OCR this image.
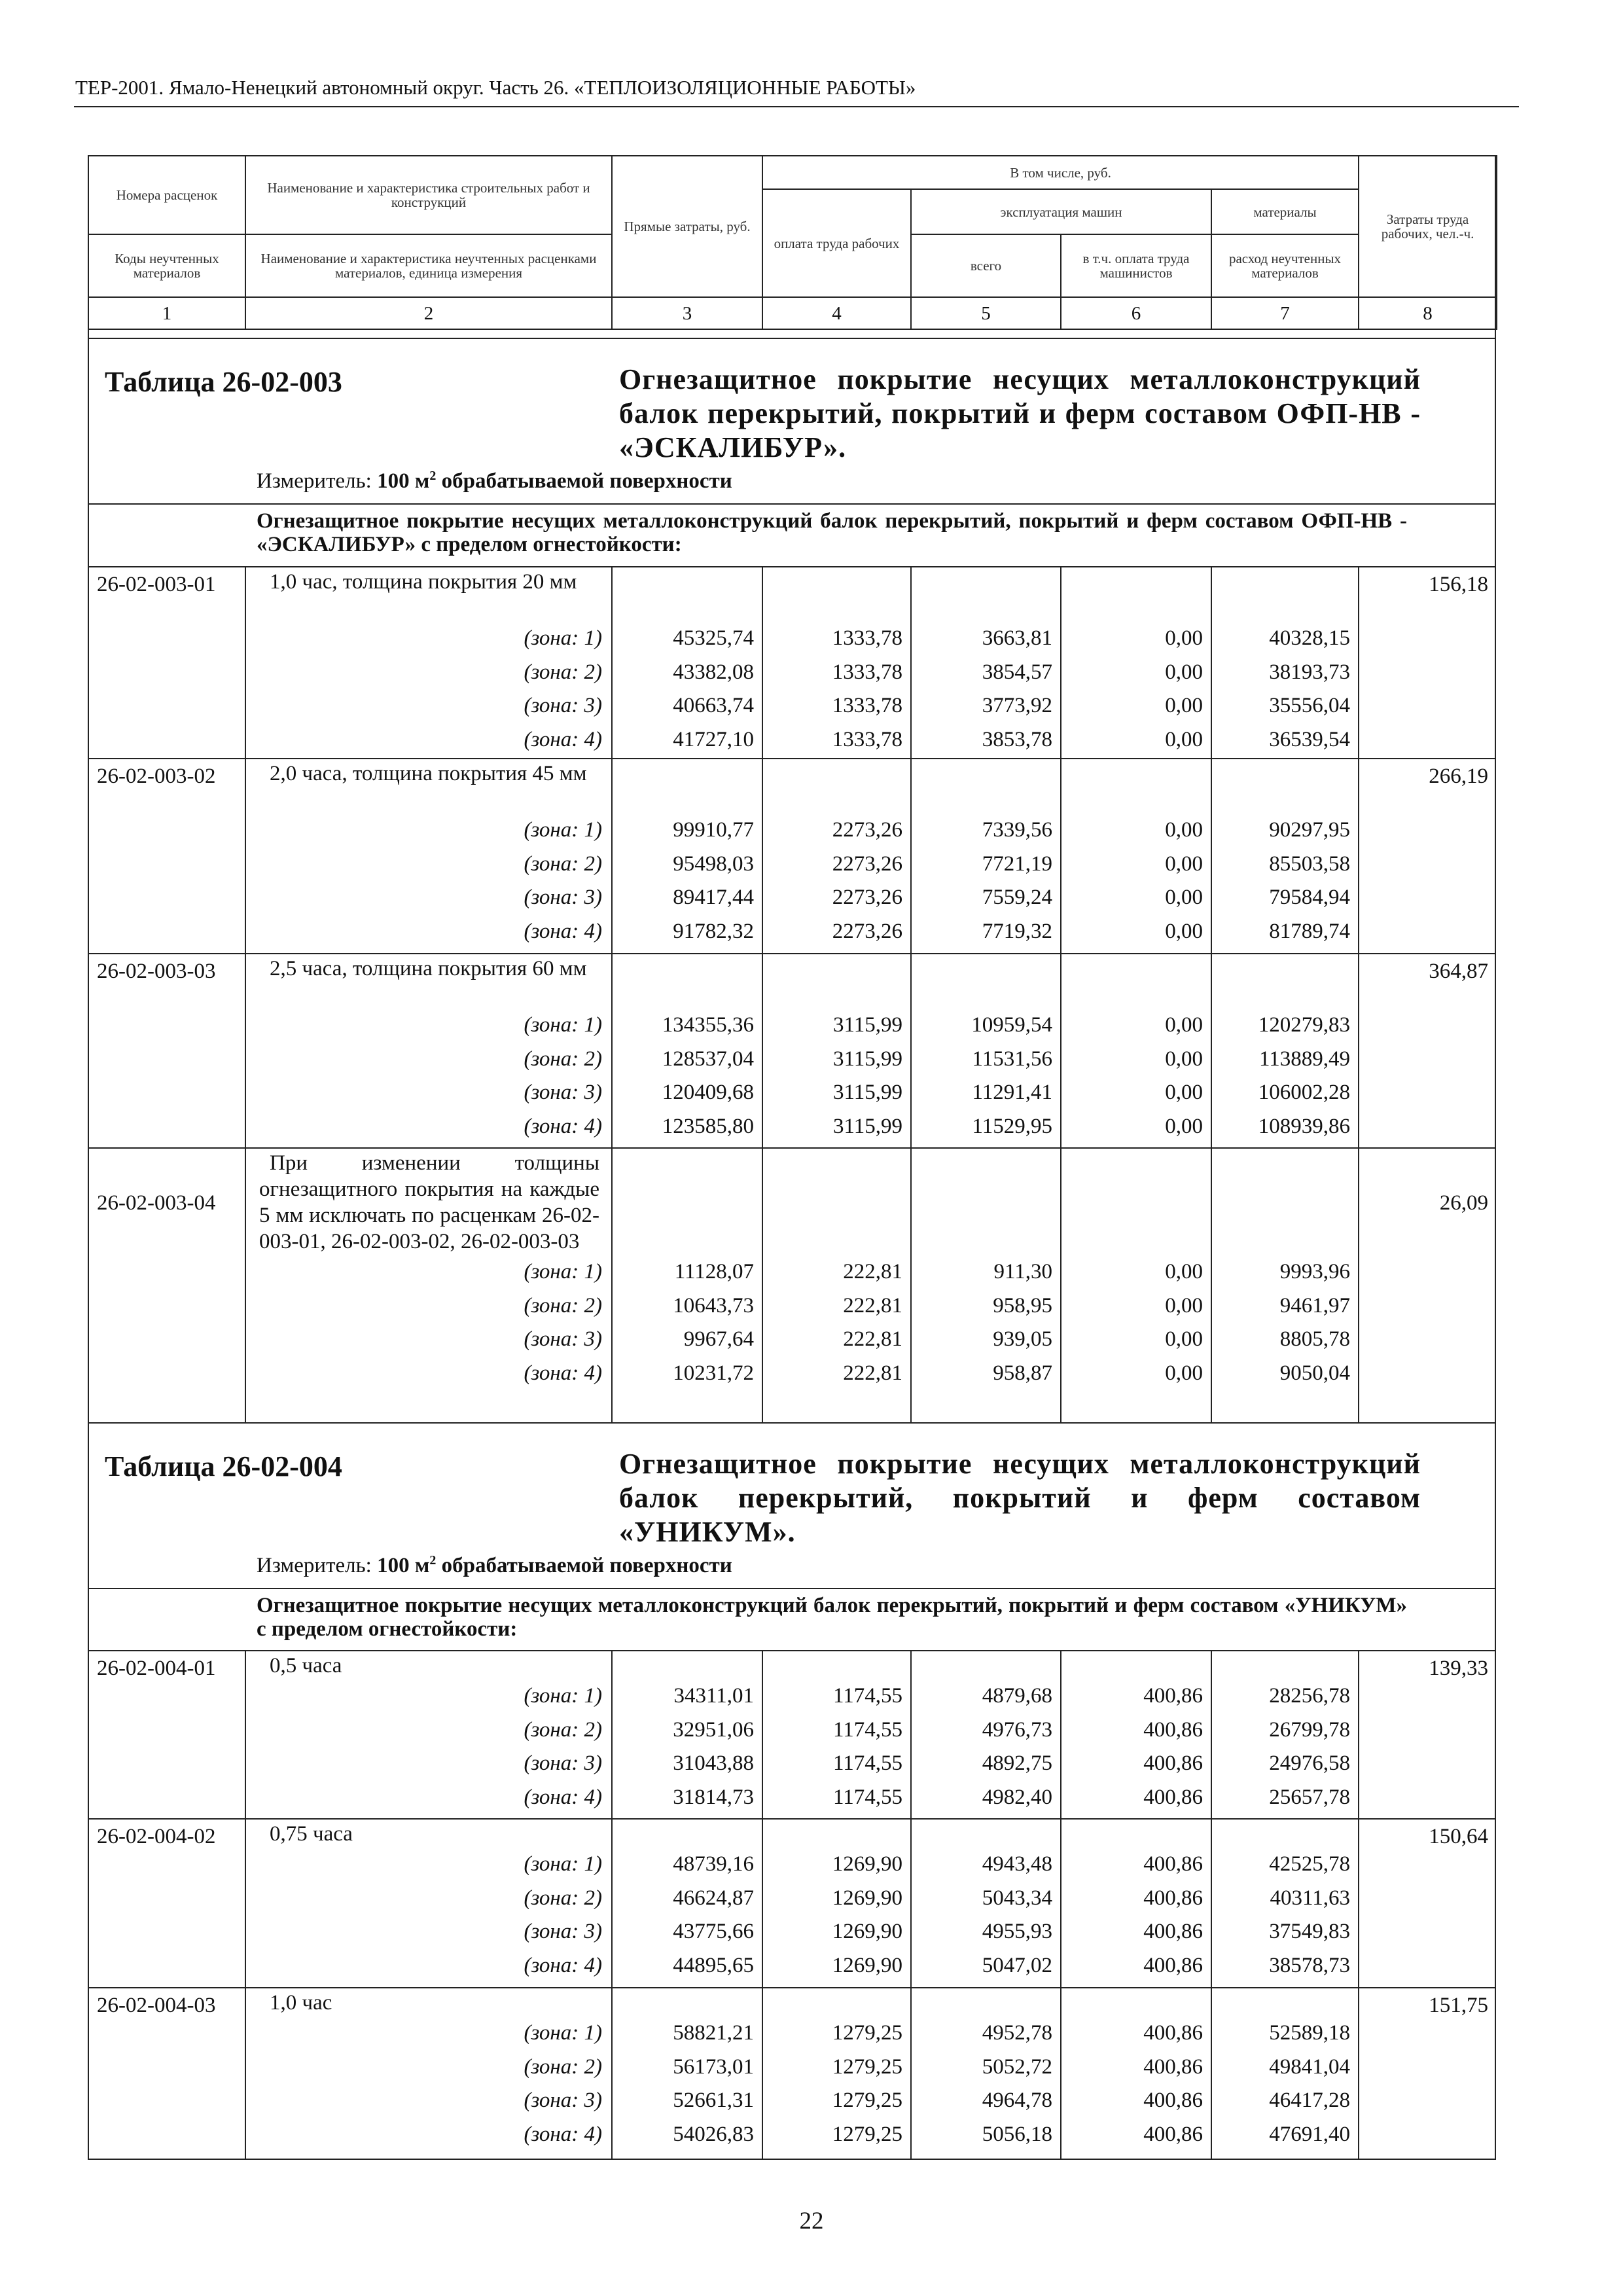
ТЕР-2001. Ямало-Ненецкий автономный округ. Часть 26. «ТЕПЛОИЗОЛЯЦИОННЫЕ РАБОТЫ»
Номера расценок	Наименование и характеристика строительных работ и конструкций	Прямые затраты, руб.	В том числе, руб.				Затраты труда рабочих, чел.-ч.
			оплата труда рабочих	эксплуатация машин		материалы	
Коды неучтенных материалов	Наименование и характеристика неучтенных расценками материалов, единица измерения			всего	в т.ч. оплата труда машинистов	расход неучтенных материалов	
1	2	3	4	5	6	7	8
Таблица 26-02-003	Огнезащитное покрытие несущих металлоконструкций балок перекрытий, покрытий и ферм составом ОФП-НВ - «ЭСКАЛИБУР».
Измеритель: 100 $м^2$ обрабатываемой поверхности
Огнезащитное покрытие несущих металлоконструкций балок перекрытий, покрытий и ферм составом ОФП-НВ - «ЭСКАЛИБУР» с пределом огнестойкости:
26-02-003-01	1,0 час, толщина покрытия 20 мм	156,18
(зона: 1)	45325,74	1333,78	3663,81	0,00	40328,15
(зона: 2)	43382,08	1333,78	3854,57	0,00	38193,73
(зона: 3)	40663,74	1333,78	3773,92	0,00	35556,04
(зона: 4)	41727,10	1333,78	3853,78	0,00	36539,54
26-02-003-02	2,0 часа, толщина покрытия 45 мм	266,19
(зона: 1)	99910,77	2273,26	7339,56	0,00	90297,95
(зона: 2)	95498,03	2273,26	7721,19	0,00	85503,58
(зона: 3)	89417,44	2273,26	7559,24	0,00	79584,94
(зона: 4)	91782,32	2273,26	7719,32	0,00	81789,74
26-02-003-03	2,5 часа, толщина покрытия 60 мм	364,87
(зона: 1)	134355,36	3115,99	10959,54	0,00	120279,83
(зона: 2)	128537,04	3115,99	11531,56	0,00	113889,49
(зона: 3)	120409,68	3115,99	11291,41	0,00	106002,28
(зона: 4)	123585,80	3115,99	11529,95	0,00	108939,86
26-02-003-04
При изменении толщины огнезащитного покрытия на каждые 5 мм исключать по расценкам 26-02-003-01, 26-02-003-02, 26-02-003-03
26,09
(зона: 1)	11128,07	222,81	911,30	0,00	9993,96
(зона: 2)	10643,73	222,81	958,95	0,00	9461,97
(зона: 3)	9967,64	222,81	939,05	0,00	8805,78
(зона: 4)	10231,72	222,81	958,87	0,00	9050,04
Таблица 26-02-004	Огнезащитное покрытие несущих металлоконструкций балок перекрытий, покрытий и ферм составом «УНИКУМ».
Измеритель: 100 $м^2$ обрабатываемой поверхности
Огнезащитное покрытие несущих металлоконструкций балок перекрытий, покрытий и ферм составом «УНИКУМ» с пределом огнестойкости:
26-02-004-01	0,5 часа	139,33
(зона: 1)	34311,01	1174,55	4879,68	400,86	28256,78
(зона: 2)	32951,06	1174,55	4976,73	400,86	26799,78
(зона: 3)	31043,88	1174,55	4892,75	400,86	24976,58
(зона: 4)	31814,73	1174,55	4982,40	400,86	25657,78
26-02-004-02	0,75 часа	150,64
(зона: 1)	48739,16	1269,90	4943,48	400,86	42525,78
(зона: 2)	46624,87	1269,90	5043,34	400,86	40311,63
(зона: 3)	43775,66	1269,90	4955,93	400,86	37549,83
(зона: 4)	44895,65	1269,90	5047,02	400,86	38578,73
26-02-004-03	1,0 час	151,75
(зона: 1)	58821,21	1279,25	4952,78	400,86	52589,18
(зона: 2)	56173,01	1279,25	5052,72	400,86	49841,04
(зона: 3)	52661,31	1279,25	4964,78	400,86	46417,28
(зона: 4)	54026,83	1279,25	5056,18	400,86	47691,40
22
